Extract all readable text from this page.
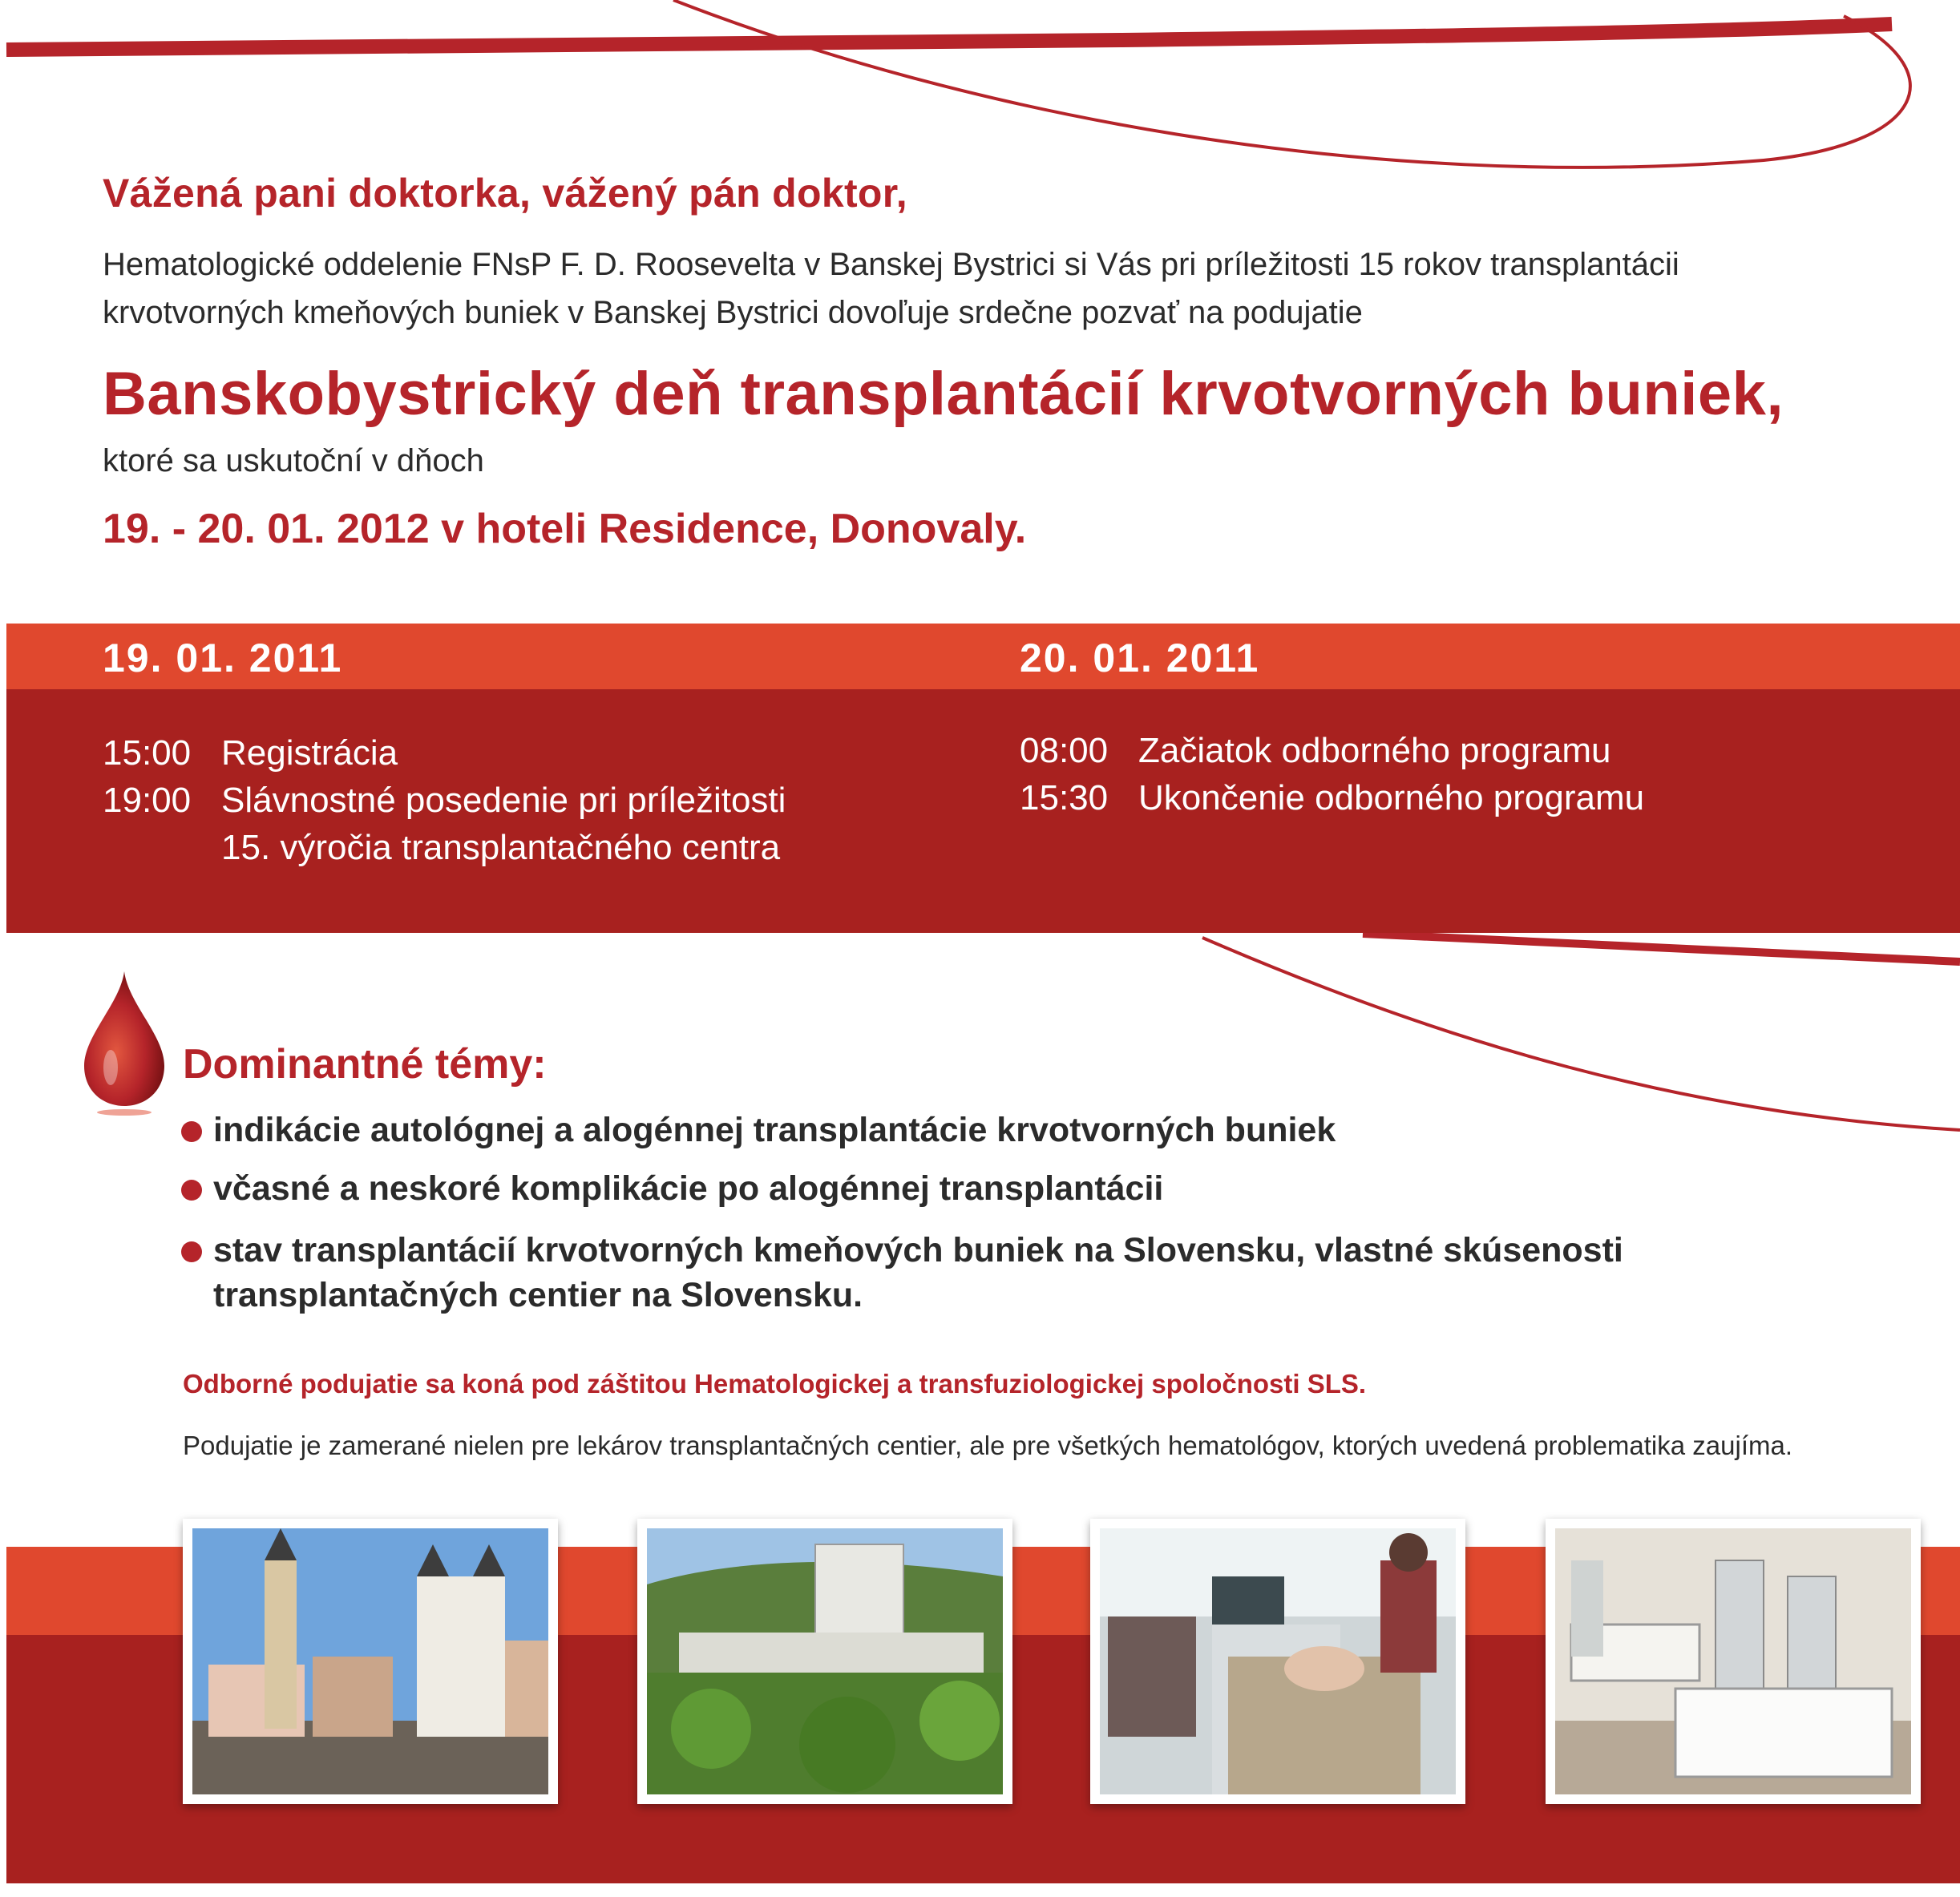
Vážená pani doktorka, vážený pán doktor,
Hematologické oddelenie FNsP F. D. Roosevelta v Banskej Bystrici si Vás pri príležitosti 15 rokov transplantácii krvotvorných kmeňových buniek v Banskej Bystrici dovoľuje srdečne pozvať na podujatie
Banskobystrický deň transplantácií krvotvorných buniek,
ktoré sa uskutoční v dňoch
19. - 20. 01. 2012 v hoteli Residence, Donovaly.
19. 01. 2011	20. 01. 2011
15:00 Registrácia
19:00 Slávnostné posedenie pri príležitosti
15. výročia transplantačného centra
08:00 Začiatok odborného programu
15:30 Ukončenie odborného programu
Dominantné témy:
indikácie autológnej a alogénnej transplantácie krvotvorných buniek
včasné a neskoré komplikácie po alogénnej transplantácii
stav transplantácií krvotvorných kmeňových buniek na Slovensku, vlastné skúsenosti transplantačných centier na Slovensku.
Odborné podujatie sa koná pod záštitou Hematologickej a transfuziologickej spoločnosti SLS.
Podujatie je zamerané nielen pre lekárov transplantačných centier, ale pre všetkých hematológov, ktorých uvedená problematika zaujíma.
